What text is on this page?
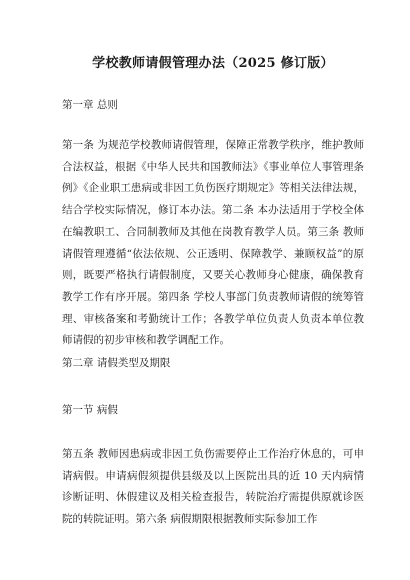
学校教师请假管理办法（2025 修订版）

第一章 总则

第一条 为规范学校教师请假管理，保障正常教学秩序，维护教师合法权益，根据《中华人民共和国教师法》《事业单位人事管理条例》《企业职工患病或非因工负伤医疗期规定》等相关法律法规，结合学校实际情况，修订本办法。第二条 本办法适用于学校全体在编教职工、合同制教师及其他在岗教育教学人员。第三条 教师请假管理遵循“依法依规、公正透明、保障教学、兼顾权益”的原则，既要严格执行请假制度，又要关心教师身心健康，确保教育教学工作有序开展。第四条 学校人事部门负责教师请假的统筹管理、审核备案和考勤统计工作；各教学单位负责人负责本单位教师请假的初步审核和教学调配工作。

第二章 请假类型及期限

第一节 病假

第五条 教师因患病或非因工负伤需要停止工作治疗休息的，可申请病假。申请病假须提供县级及以上医院出具的近 10 天内病情诊断证明、休假建议及相关检查报告，转院治疗需提供原就诊医院的转院证明。第六条 病假期限根据教师实际参加工作
